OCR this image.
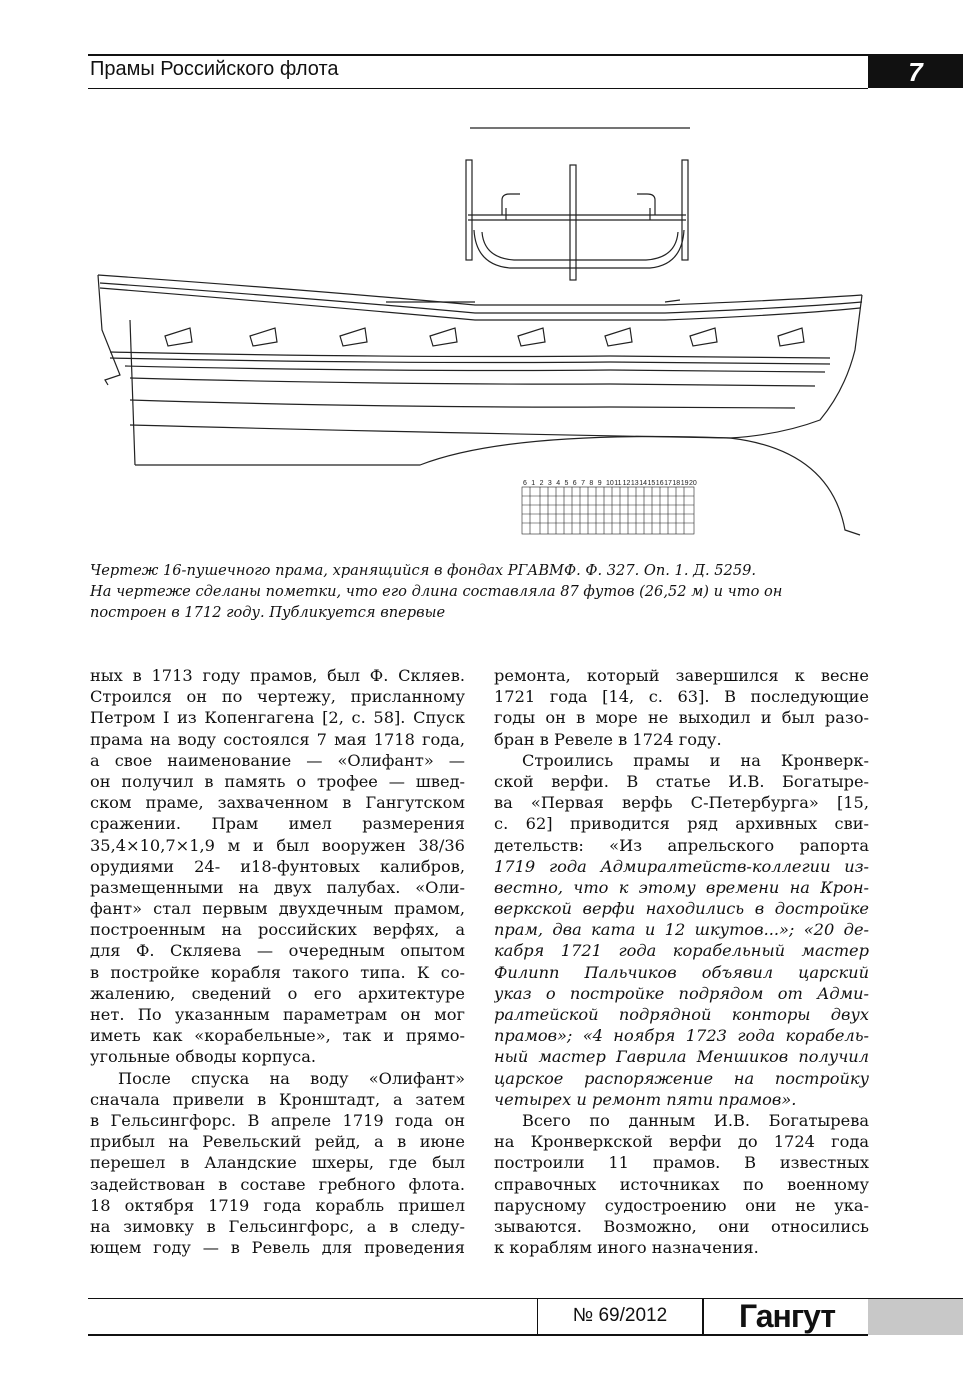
Прамы Российского флота	7
6 1 2 3 4 5 6 7 8 9 10 11 12 13 14 15 16 17 18 19 20
Чертеж 16-пушечного прама, хранящийся в фондах РГАВМФ. Ф. 327. Оп. 1. Д. 5259.
На чертеже сделаны пометки, что его длина составляла 87 футов (26,52 м) и что он
построен в 1712 году. Публикуется впервые
ных в 1713 году прамов, был Ф. Скляев.
Строился он по чертежу, присланному
Петром I из Копенгагена [2, с. 58]. Спуск
прама на воду состоялся 7 мая 1718 года,
а свое наименование — «Олифант» —
он получил в память о трофее — швед-
ском праме, захваченном в Гангутском
сражении. Прам имел размерения
35,4×10,7×1,9 м и был вооружен 38/36
орудиями 24- и18-фунтовых калибров,
размещенными на двух палубах. «Оли-
фант» стал первым двухдечным прамом,
построенным на российских верфях, а
для Ф. Скляева — очередным опытом
в постройке корабля такого типа. К со-
жалению, сведений о его архитектуре
нет. По указанным параметрам он мог
иметь как «корабельные», так и прямо-
угольные обводы корпуса.
После спуска на воду «Олифант»
сначала привели в Кронштадт, а затем
в Гельсингфорс. В апреле 1719 года он
прибыл на Ревельский рейд, а в июне
перешел в Аландские шхеры, где был
задействован в составе гребного флота.
18 октября 1719 года корабль пришел
на зимовку в Гельсингфорс, а в следу-
ющем году — в Ревель для проведения
ремонта, который завершился к весне
1721 года [14, с. 63]. В последующие
годы он в море не выходил и был разо-
бран в Ревеле в 1724 году.
Строились прамы и на Кронверк-
ской верфи. В статье И.В. Богатыре-
ва «Первая верфь С-Петербурга» [15,
с. 62] приводится ряд архивных сви-
детельств: «Из апрельского рапорта
1719 года Адмиралтейств-коллегии из-
вестно, что к этому времени на Крон-
веркской верфи находились в достройке
прам, два ката и 12 шкутов...»; «20 де-
кабря 1721 года корабельный мастер
Филипп Пальчиков объявил царский
указ о постройке подрядом от Адми-
ралтейской подрядной конторы двух
прамов»; «4 ноября 1723 года корабель-
ный мастер Гаврила Меншиков получил
царское распоряжение на постройку
четырех и ремонт пяти прамов».
Всего по данным И.В. Богатырева
на Кронверкской верфи до 1724 года
построили 11 прамов. В известных
справочных источниках по военному
парусному судостроению они не ука-
зываются. Возможно, они относились
к кораблям иного назначения.
№ 69/2012	Гангут
